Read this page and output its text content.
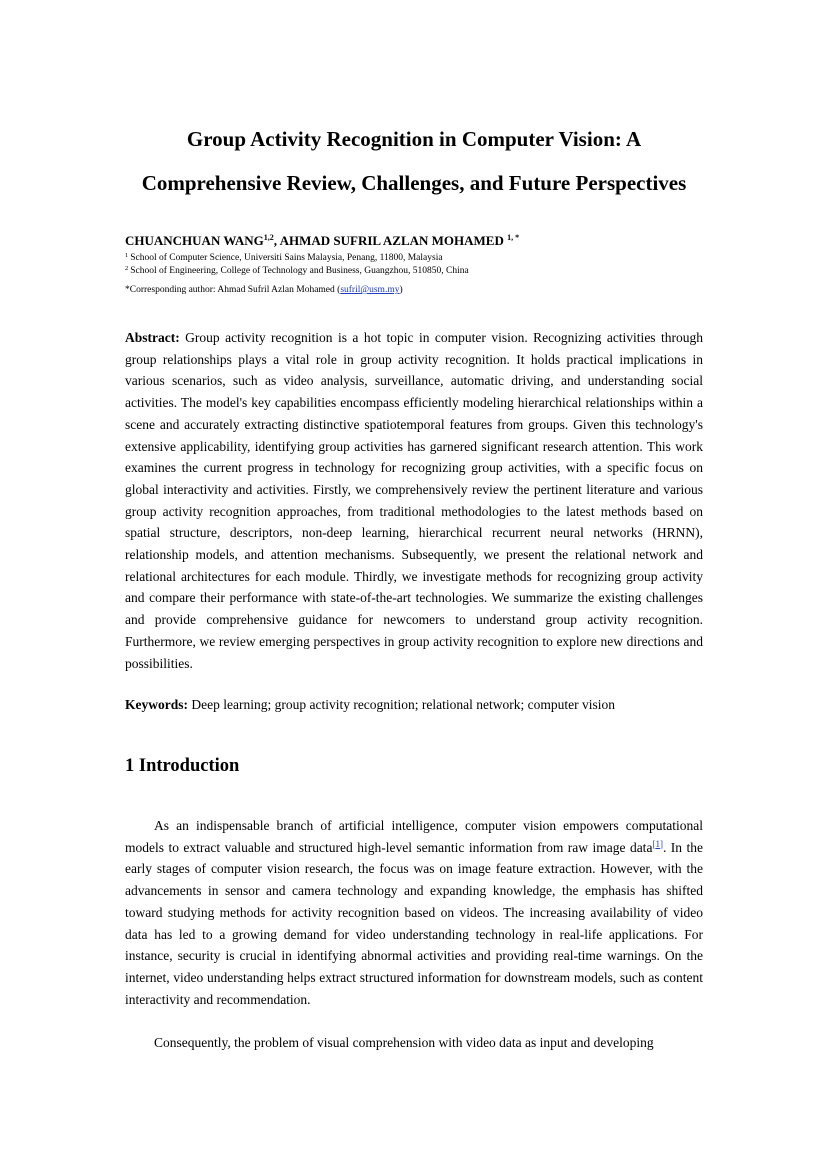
Group Activity Recognition in Computer Vision: A
Comprehensive Review, Challenges, and Future Perspectives
CHUANCHUAN WANG$^{1,2}$, AHMAD SUFRIL AZLAN MOHAMED $^{1, *}$
$^1$ School of Computer Science, Universiti Sains Malaysia, Penang, 11800, Malaysia
$^2$ School of Engineering, College of Technology and Business, Guangzhou, 510850, China
*Corresponding author: Ahmad Sufril Azlan Mohamed (sufril@usm.my)

Abstract: Group activity recognition is a hot topic in computer vision. Recognizing activities through group relationships plays a vital role in group activity recognition. It holds practical implications in various scenarios, such as video analysis, surveillance, automatic driving, and understanding social activities. The model's key capabilities encompass efficiently modeling hierarchical relationships within a scene and accurately extracting distinctive spatiotemporal features from groups. Given this technology's extensive applicability, identifying group activities has garnered significant research attention. This work examines the current progress in technology for recognizing group activities, with a specific focus on global interactivity and activities. Firstly, we comprehensively review the pertinent literature and various group activity recognition approaches, from traditional methodologies to the latest methods based on spatial structure, descriptors, non-deep learning, hierarchical recurrent neural networks (HRNN), relationship models, and attention mechanisms. Subsequently, we present the relational network and relational architectures for each module. Thirdly, we investigate methods for recognizing group activity and compare their performance with state-of-the-art technologies. We summarize the existing challenges and provide comprehensive guidance for newcomers to understand group activity recognition. Furthermore, we review emerging perspectives in group activity recognition to explore new directions and possibilities.

Keywords: Deep learning; group activity recognition; relational network; computer vision
1 Introduction

As an indispensable branch of artificial intelligence, computer vision empowers computational models to extract valuable and structured high-level semantic information from raw image data[1]. In the early stages of computer vision research, the focus was on image feature extraction. However, with the advancements in sensor and camera technology and expanding knowledge, the emphasis has shifted toward studying methods for activity recognition based on videos. The increasing availability of video data has led to a growing demand for video understanding technology in real-life applications. For instance, security is crucial in identifying abnormal activities and providing real-time warnings. On the internet, video understanding helps extract structured information for downstream models, such as content interactivity and recommendation.

Consequently, the problem of visual comprehension with video data as input and developing
